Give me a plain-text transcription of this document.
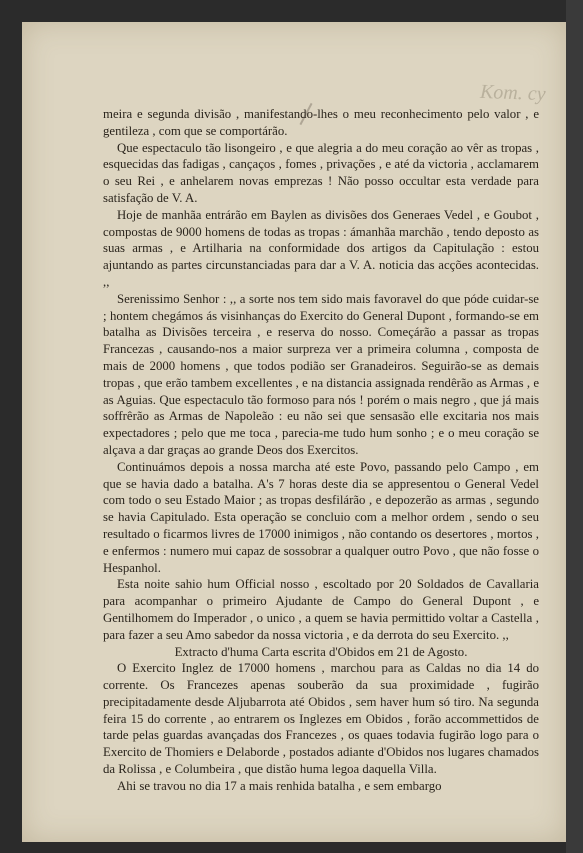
Kom. cy

meira e segunda divisão , manifestando-lhes o meu reconhecimento pelo valor , e gentileza , com que se comportárão.

Que espectaculo tão lisongeiro , e que alegria a do meu coração ao vêr as tropas , esquecidas das fadigas , cançaços , fomes , privações , e até da victoria , acclamarem o seu Rei , e anhelarem novas emprezas ! Não posso occultar esta verdade para satisfação de V. A.

Hoje de manhãa entrárão em Baylen as divisões dos Generaes Vedel , e Goubot , compostas de 9000 homens de todas as tropas : ámanhãa marchão , tendo deposto as suas armas , e Artilharia na conformidade dos artigos da Capitulação : estou ajuntando as partes circunstanciadas para dar a V. A. noticia das acções acontecidas. ,,

Serenissimo Senhor : ,, a sorte nos tem sido mais favoravel do que póde cuidar-se ; hontem chegámos ás visinhanças do Exercito do General Dupont , formando-se em batalha as Divisões terceira , e reserva do nosso. Começárão a passar as tropas Francezas , causando-nos a maior surpreza ver a primeira columna , composta de mais de 2000 homens , que todos podião ser Granadeiros. Seguirão-se as demais tropas , que erão tambem excellentes , e na distancia assignada rendêrão as Armas , e as Aguias. Que espectaculo tão formoso para nós ! porém o mais negro , que já mais soffrêrão as Armas de Napoleão : eu não sei que sensasão elle excitaria nos mais expectadores ; pelo que me toca , parecia-me tudo hum sonho ; e o meu coração se alçava a dar graças ao grande Deos dos Exercitos.

Continuámos depois a nossa marcha até este Povo, passando pelo Campo , em que se havia dado a batalha. A's 7 horas deste dia se appresentou o General Vedel com todo o seu Estado Maior ; as tropas desfilárão , e depozerão as armas , segundo se havia Capitulado. Esta operação se concluio com a melhor ordem , sendo o seu resultado o ficarmos livres de 17000 inimigos , não contando os desertores , mortos , e enfermos : numero mui capaz de sossobrar a qualquer outro Povo , que não fosse o Hespanhol.

Esta noite sahio hum Official nosso , escoltado por 20 Soldados de Cavallaria para acompanhar o primeiro Ajudante de Campo do General Dupont , e Gentilhomem do Imperador , o unico , a quem se havia permittido voltar a Castella , para fazer a seu Amo sabedor da nossa victoria , e da derrota do seu Exercito. ,,

Extracto d'huma Carta escrita d'Obidos em 21 de Agosto.

O Exercito Inglez de 17000 homens , marchou para as Caldas no dia 14 do corrente. Os Francezes apenas souberão da sua proximidade , fugirão precipitadamente desde Aljubarrota até Obidos , sem haver hum só tiro. Na segunda feira 15 do corrente , ao entrarem os Inglezes em Obidos , forão accommettidos de tarde pelas guardas avançadas dos Francezes , os quaes todavia fugirão logo para o Exercito de Thomiers e Delaborde , postados adiante d'Obidos nos lugares chamados da Rolissa , e Columbeira , que distão huma legoa daquella Villa.

Ahi se travou no dia 17 a mais renhida batalha , e sem embargo
